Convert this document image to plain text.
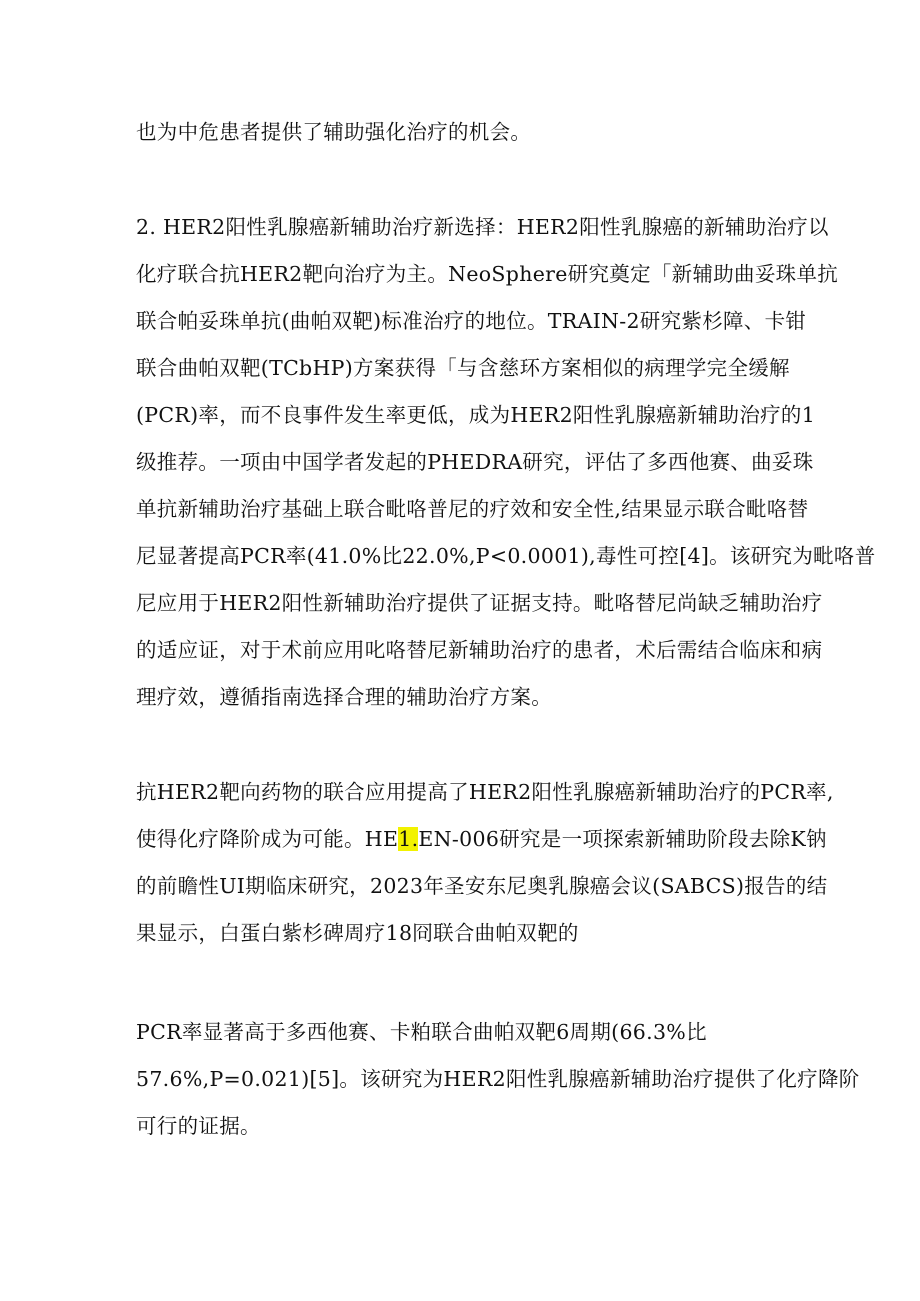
也为中危患者提供了辅助强化治疗的机会。
2. HER2阳性乳腺癌新辅助治疗新选择：HER2阳性乳腺癌的新辅助治疗以
化疗联合抗HER2靶向治疗为主。NeoSphere研究奠定「新辅助曲妥珠单抗
联合帕妥珠单抗(曲帕双靶)标准治疗的地位。TRAIN-2研究紫杉障、卡钳
联合曲帕双靶(TCbHP)方案获得「与含慈环方案相似的病理学完全缓解
(PCR)率，而不良事件发生率更低，成为HER2阳性乳腺癌新辅助治疗的1
级推荐。一项由中国学者发起的PHEDRA研究，评估了多西他赛、曲妥珠
单抗新辅助治疗基础上联合毗咯普尼的疗效和安全性,结果显示联合毗咯替
尼显著提高PCR率(41.0%比22.0%,P<0.0001),毒性可控[4]。该研究为毗咯普
尼应用于HER2阳性新辅助治疗提供了证据支持。毗咯替尼尚缺乏辅助治疗
的适应证，对于术前应用叱咯替尼新辅助治疗的患者，术后需结合临床和病
理疗效，遵循指南选择合理的辅助治疗方案。
抗HER2靶向药物的联合应用提高了HER2阳性乳腺癌新辅助治疗的PCR率,
使得化疗降阶成为可能。HE1.EN-006研究是一项探索新辅助阶段去除K钠
的前瞻性UI期临床研究，2023年圣安东尼奥乳腺癌会议(SABCS)报告的结
果显示，白蛋白紫杉碑周疗18冏联合曲帕双靶的
PCR率显著高于多西他赛、卡粕联合曲帕双靶6周期(66.3%比
57.6%,P=0.021)[5]。该研究为HER2阳性乳腺癌新辅助治疗提供了化疗降阶
可行的证据。
